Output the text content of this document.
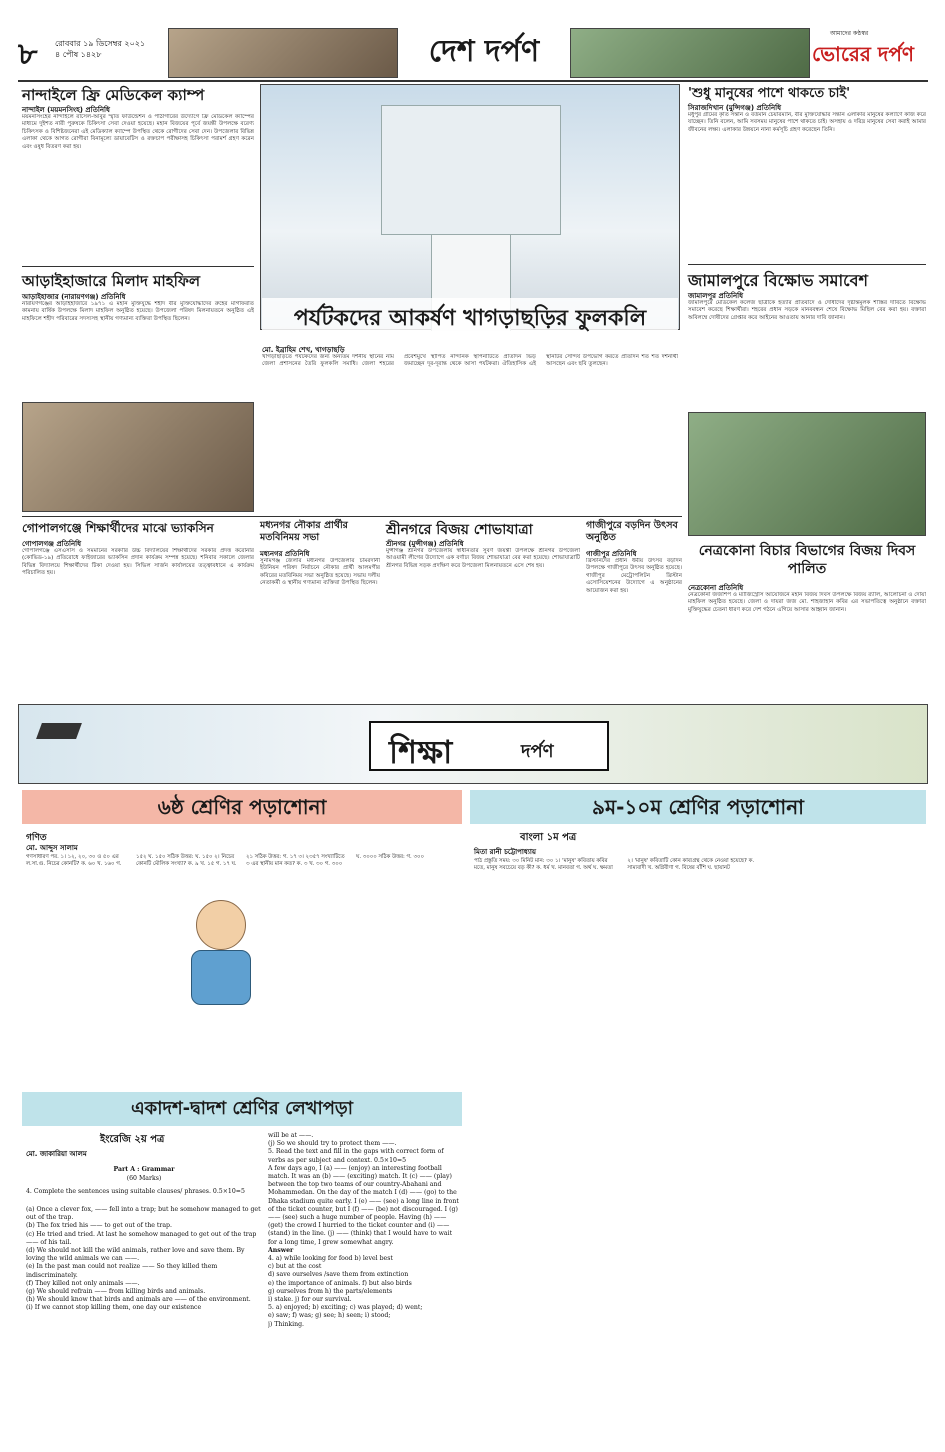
৮ রোববার ১৯ ডিসেম্বর ২০২১
৪ পৌষ ১৪২৮	দেশ দর্পণ
আমাদের কণ্ঠস্বর
ভোরের দর্পণ
নান্দাইলে ফ্রি মেডিকেল ক্যাম্প
নান্দাইল (ময়মনসিংহ) প্রতিনিধি
ময়মনসিংহের নান্দাইলে রাসেল-আবুর স্মৃতি ফাউন্ডেশন ও পাঠাগারের উদ্যোগে ফ্রি মেডিকেল ক্যাম্পের মাধ্যমে দুইশত নারী পুরুষকে চিকিৎসা সেবা দেওয়া হয়েছে। মহান বিজয়ের পূর্বে জয়ন্তী উপলক্ষে বরেণ্য চিকিৎসক ও বিশিষ্টজনেরা এই মেডিক্যাল ক্যাম্পে উপস্থিত থেকে রোগীদের সেবা দেন। উপজেলার বিভিন্ন এলাকা থেকে আগত রোগীরা বিনামূল্যে ডায়াবেটিস ও রক্তচাপ পরীক্ষাসহ চিকিৎসা পরামর্শ গ্রহণ করেন এবং ওষুধ বিতরণ করা হয়।
আড়াইহাজারে মিলাদ মাহফিল
আড়াইহাজার (নারায়ণগঞ্জ) প্রতিনিধি
নারায়ণগঞ্জের আড়াইহাজারে ১৯৭১ এ মহান মুক্তিযুদ্ধে শহীদ বীর মুক্তিযোদ্ধাদের রুহের মাগফিরাত কামনায় বার্ষিক উপলক্ষে মিলাদ মাহফিল অনুষ্ঠিত হয়েছে। উপজেলা পরিষদ মিলনায়তনে অনুষ্ঠিত এই মাহফিলে শহীদ পরিবারের সদস্যসহ স্থানীয় গণ্যমান্য ব্যক্তিরা উপস্থিত ছিলেন।	পর্যটকদের আকর্ষণ খাগড়াছড়ির ফুলকলি
মো. ইব্রাহিম শেখ, খাগড়াছড়ি
খাগড়াছড়িতে পর্যটকদের জন্য অন্যতম দর্শনীয় স্থানের নাম জেলা প্রশাসনের তৈরি ফুলকলি সমাধি। জেলা শহরের প্রবেশমুখে স্থাপিত নান্দনিক স্থাপনাটিতে প্রতিদিন ভিড় জমাচ্ছেন দূর-দূরান্ত থেকে আসা পর্যটকরা। ঐতিহাসিক এই স্থানটির সৌন্দর্য উপভোগ করতে প্রতিদিন শত শত দর্শনার্থী আসছেন এবং ছবি তুলছেন।
'শুধু মানুষের পাশে থাকতে চাই'
সিরাজদিখান (মুন্সিগঞ্জ) প্রতিনিধি
মধুপুর গ্রামের কৃতি সন্তান ও বর্তমান চেয়ারম্যান, বীর মুক্তিযোদ্ধার সন্তান এলাকার মানুষের কল্যাণে কাজ করে যাচ্ছেন। তিনি বলেন, আমি সবসময় মানুষের পাশে থাকতে চাই। অসহায় ও দরিদ্র মানুষের সেবা করাই আমার জীবনের লক্ষ্য। এলাকার উন্নয়নে নানা কর্মসূচি গ্রহণ করেছেন তিনি।
জামালপুরে বিক্ষোভ সমাবেশ
জামালপুর প্রতিনিধি
জামালপুরে মেডিকেল কলেজ ছাত্রীকে হত্যার প্রতিবাদে ও দোষীদের দৃষ্টান্তমূলক শাস্তির দাবিতে বিক্ষোভ সমাবেশ করেছে শিক্ষার্থীরা। শহরের প্রধান সড়কে মানববন্ধন শেষে বিক্ষোভ মিছিল বের করা হয়। বক্তারা অবিলম্বে দোষীদের গ্রেপ্তার করে আইনের আওতায় আনার দাবি জানান।
গোপালগঞ্জে শিক্ষার্থীদের মাঝে ভ্যাকসিন
গোপালগঞ্জ প্রতিনিধি
গোপালগঞ্জে এসএসসি ও সমমানের সরকারি উচ্চ বিদ্যালয়ের শিক্ষার্থীদের সরকার প্রদত্ত করোনার (কোভিড-১৯) প্রতিরোধে ফাইজারের ভ্যাকসিন প্রদান কার্যক্রম সম্পন্ন হয়েছে। শনিবার সকালে জেলার বিভিন্ন বিদ্যালয়ে শিক্ষার্থীদের টিকা দেওয়া হয়। সিভিল সার্জন কার্যালয়ের তত্ত্বাবধানে এ কার্যক্রম পরিচালিত হয়।
মধ্যনগর নৌকার প্রার্থীর মতবিনিময় সভা
মধ্যনগর প্রতিনিধি
সুনামগঞ্জ জেলার মধ্যনগর উপজেলার চামরদানী ইউনিয়ন পরিষদ নির্বাচনে নৌকার প্রার্থী আলমগীর কবিরের মতবিনিময় সভা অনুষ্ঠিত হয়েছে। সভায় দলীয় নেতাকর্মী ও স্থানীয় গণ্যমান্য ব্যক্তিরা উপস্থিত ছিলেন।
শ্রীনগরে বিজয় শোভাযাত্রা
শ্রীনগর (মুন্সীগঞ্জ) প্রতিনিধি
মুন্সীগঞ্জ শ্রীনগর উপজেলায় স্বাধীনতার সুবর্ণ জয়ন্তী উপলক্ষে শ্রীনগর উপজেলা আওয়ামী লীগের উদ্যোগে এক বর্ণাঢ্য বিজয় শোভাযাত্রা বের করা হয়েছে। শোভাযাত্রাটি শ্রীনগর বিভিন্ন সড়ক প্রদক্ষিণ করে উপজেলা মিলনায়তনে এসে শেষ হয়।
গাজীপুরে বড়দিন উৎসব অনুষ্ঠিত
গাজীপুর প্রতিনিধি
খ্রিস্টানদের প্রধান ধর্মীয় উৎসব বড়দিন উপলক্ষে গাজীপুরে উৎসব অনুষ্ঠিত হয়েছে। গাজীপুর মেট্রোপলিটন খ্রিস্টান এসোসিয়েশনের উদ্যোগে এ অনুষ্ঠানের আয়োজন করা হয়।
নেত্রকোনা বিচার বিভাগের বিজয় দিবস পালিত
নেত্রকোনা প্রতিনিধি
নেত্রকোনা জজশিপ ও ম্যাজিস্ট্রেসি আয়োজনে মহান বিজয় দিবস উপলক্ষে বিজয় র‍্যালি, আলোচনা ও দোয়া মাহফিল অনুষ্ঠিত হয়েছে। জেলা ও দায়রা জজ মো. শাহজাহান কবির এর সভাপতিত্বে অনুষ্ঠানে বক্তারা মুক্তিযুদ্ধের চেতনা ধারণ করে দেশ গঠনে এগিয়ে আসার আহ্বান জানান।
শিক্ষা	দর্পণ
৬ষ্ঠ শ্রেণির পড়াশোনা
গণিত
মো. আব্দুস সালাম
গণসাধারণ পর. ১। ১২, ২০, ৩০ ও ৫০ এর ল.সা.গু. নিচের কোনটি? ক. ৬০ খ. ১৬০ গ. ১৫২ ঘ. ১৫০ সঠিক উত্তর: ঘ. ১৫০ ২। নিচের কোনটি মৌলিক সংখ্যা? ক. ৯ খ. ১৫ গ. ১৭ ঘ. ২১ সঠিক উত্তর: গ. ১৭ ৩। ২৩৫৭ সংখ্যাটিতে ৩ এর স্থানীয় মান কত? ক. ৩ খ. ৩০ গ. ৩০০ ঘ. ৩০০০ সঠিক উত্তর: গ. ৩০০
৯ম-১০ম শ্রেণির পড়াশোনা
বাংলা ১ম পত্র
মিতা রানী চট্টোপাধ্যায়
পাঠ প্রস্তুতি সময়: ৩০ মিনিট মান: ৩০ ১। 'মানুষ' কবিতায় কবির মতে, মানুষ সবচেয়ে বড় কী? ক. ধর্ম খ. মানবতা গ. অর্থ ঘ. ক্ষমতা ২। 'মানুষ' কবিতাটি কোন কাব্যগ্রন্থ থেকে নেওয়া হয়েছে? ক. সাম্যবাদী খ. অগ্নিবীণা গ. বিষের বাঁশি ঘ. ছায়ানট
একাদশ-দ্বাদশ শ্রেণির লেখাপড়া
ইংরেজি ২য় পত্র
মো. জাকারিয়া আলম
Part A : Grammar
(60 Marks)
4. Complete the sentences using suitable clauses/ phrases. 0.5×10=5
(a) Once a clever fox, —— fell into a trap; but he somehow managed to get out of the trap.
(b) The fox tried his —— to get out of the trap.
(c) He tried and tried. At last he somehow managed to get out of the trap —— of his tail.
(d) We should not kill the wild animals, rather love and save them. By loving the wild animals we can ——.
(e) In the past man could not realize —— So they killed them indiscriminately.
(f) They killed not only animals ——.
(g) We should refrain —— from killing birds and animals.
(h) We should know that birds and animals are —— of the environment.
(i) If we cannot stop killing them, one day our existence
will be at ——.
(j) So we should try to protect them ——.
5. Read the text and fill in the gaps with correct form of verbs as per subject and context. 0.5×10=5
A few days ago, I (a) —— (enjoy) an interesting football match. It was an (b) —— (exciting) match. It (c) —— (play) between the top two teams of our country-Abahani and Mohammedan. On the day of the match I (d) —— (go) to the Dhaka stadium quite early. I (e) —— (see) a long line in front of the ticket counter, but I (f) —— (be) not discouraged. I (g) —— (see) such a huge number of people. Having (h) —— (get) the crowd I hurried to the ticket counter and (i) —— (stand) in the line. (j) —— (think) that I would have to wait for a long time, I grew somewhat angry.
Answer
4. a) while looking for food b) level best
c) but at the cost
d) save ourselves /save them from extinction
e) the importance of animals. f) but also birds
g) ourselves from h) the parts/elements
i) stake. j) for our survival.
5. a) enjoyed; b) exciting; c) was played; d) went;
e) saw; f) was; g) see; h) seen; i) stood;
j) Thinking.
